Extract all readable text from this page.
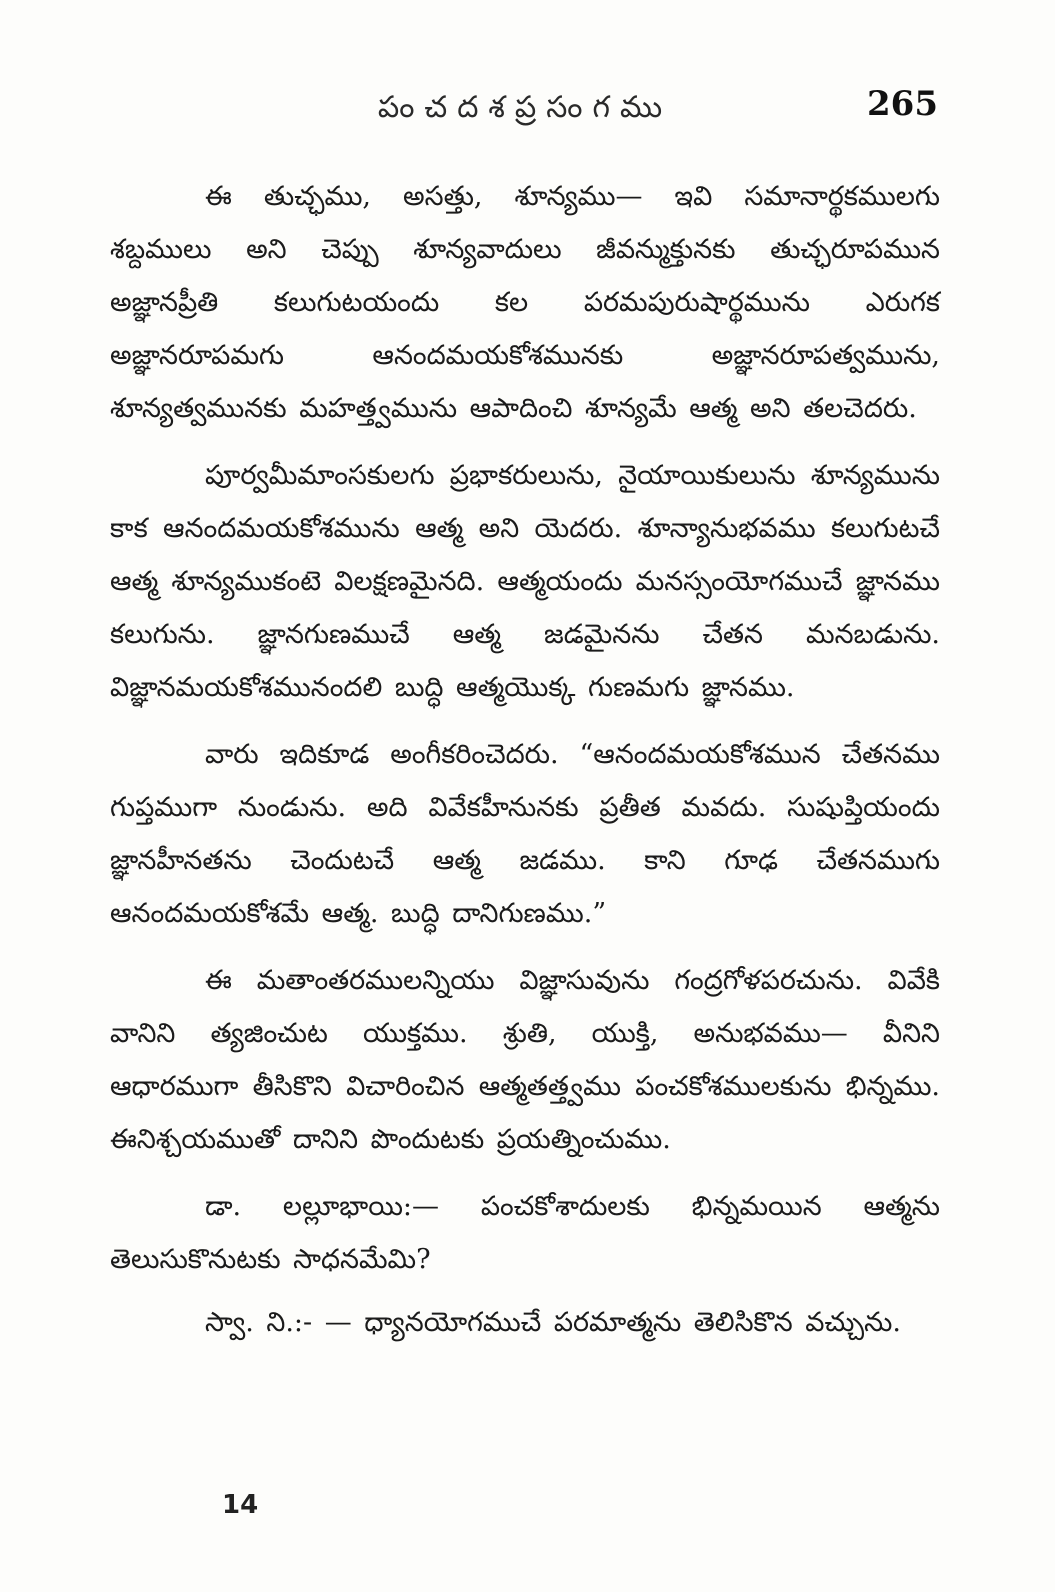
పంచదశప్రసంగము	265

ఈ తుచ్ఛము, అసత్తు, శూన్యము— ఇవి సమానార్థకములగు శబ్దములు అని చెప్పు శూన్యవాదులు జీవన్ముక్తునకు తుచ్ఛరూపమున అజ్ఞానప్రీతి కలుగుటయందు కల పరమపురుషార్థమును ఎరుగక అజ్ఞానరూపమగు ఆనందమయకోశమునకు అజ్ఞానరూపత్వమును, శూన్యత్వమునకు మహత్త్వమును ఆపాదించి శూన్యమే ఆత్మ అని తలచెదరు.

పూర్వమీమాంసకులగు ప్రభాకరులును, నైయాయికులును శూన్యమును కాక ఆనందమయకోశమును ఆత్మ అని యెదరు. శూన్యానుభవము కలుగుటచే ఆత్మ శూన్యముకంటె విలక్షణమైనది. ఆత్మయందు మనస్సంయోగముచే జ్ఞానము కలుగును. జ్ఞానగుణముచే ఆత్మ జడమైనను చేతన మనబడును. విజ్ఞానమయకోశమునందలి బుద్ధి ఆత్మయొక్క గుణమగు జ్ఞానము.

వారు ఇదికూడ అంగీకరించెదరు. “ఆనందమయకోశమున చేతనము గుప్తముగా నుండును. అది వివేకహీనునకు ప్రతీత మవదు. సుషుప్తియందు జ్ఞానహీనతను చెందుటచే ఆత్మ జడము. కాని గూఢ చేతనముగు ఆనందమయకోశమే ఆత్మ. బుద్ధి దానిగుణము.”

ఈ మతాంతరములన్నియు విజ్ఞాసువును గంద్రగోళపరచును. వివేకి వానిని త్యజించుట యుక్తము. శ్రుతి, యుక్తి, అనుభవము— వీనిని ఆధారముగా తీసికొని విచారించిన ఆత్మతత్త్వము పంచకోశములకును భిన్నము. ఈనిశ్చయముతో దానిని పొందుటకు ప్రయత్నించుము.

డా. లల్లూభాయి:— పంచకోశాదులకు భిన్నమయిన ఆత్మను తెలుసుకొనుటకు సాధనమేమి?

స్వా. ని.:- — ధ్యానయోగముచే పరమాత్మను తెలిసికొన వచ్చును.

14
